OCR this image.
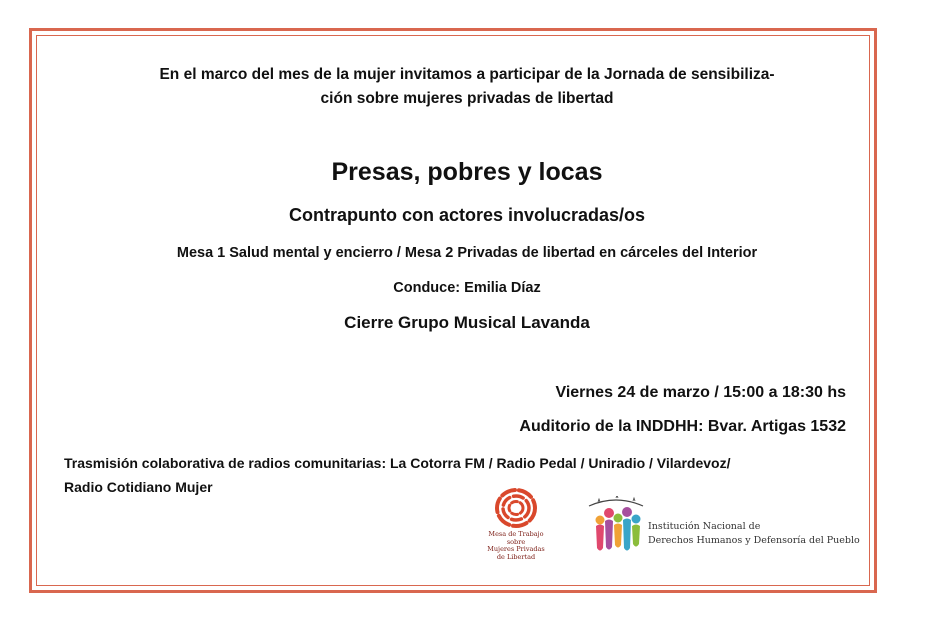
En el marco del mes de la mujer invitamos a participar de la Jornada de sensibiliza-
ción sobre mujeres privadas de libertad
Presas, pobres y locas
Contrapunto con actores involucradas/os
Mesa 1 Salud mental y encierro / Mesa 2 Privadas de libertad en cárceles del Interior
Conduce: Emilia Díaz
Cierre Grupo Musical Lavanda
Viernes 24 de marzo / 15:00 a 18:30 hs
Auditorio de la INDDHH: Bvar. Artigas 1532
Trasmisión colaborativa de radios comunitarias: La Cotorra FM / Radio Pedal / Uniradio / Vilardevoz/
Radio Cotidiano Mujer
Mesa de Trabajo
sobre
Mujeres Privadas
de Libertad
Institución Nacional de
Derechos Humanos y Defensoría del Pueblo
